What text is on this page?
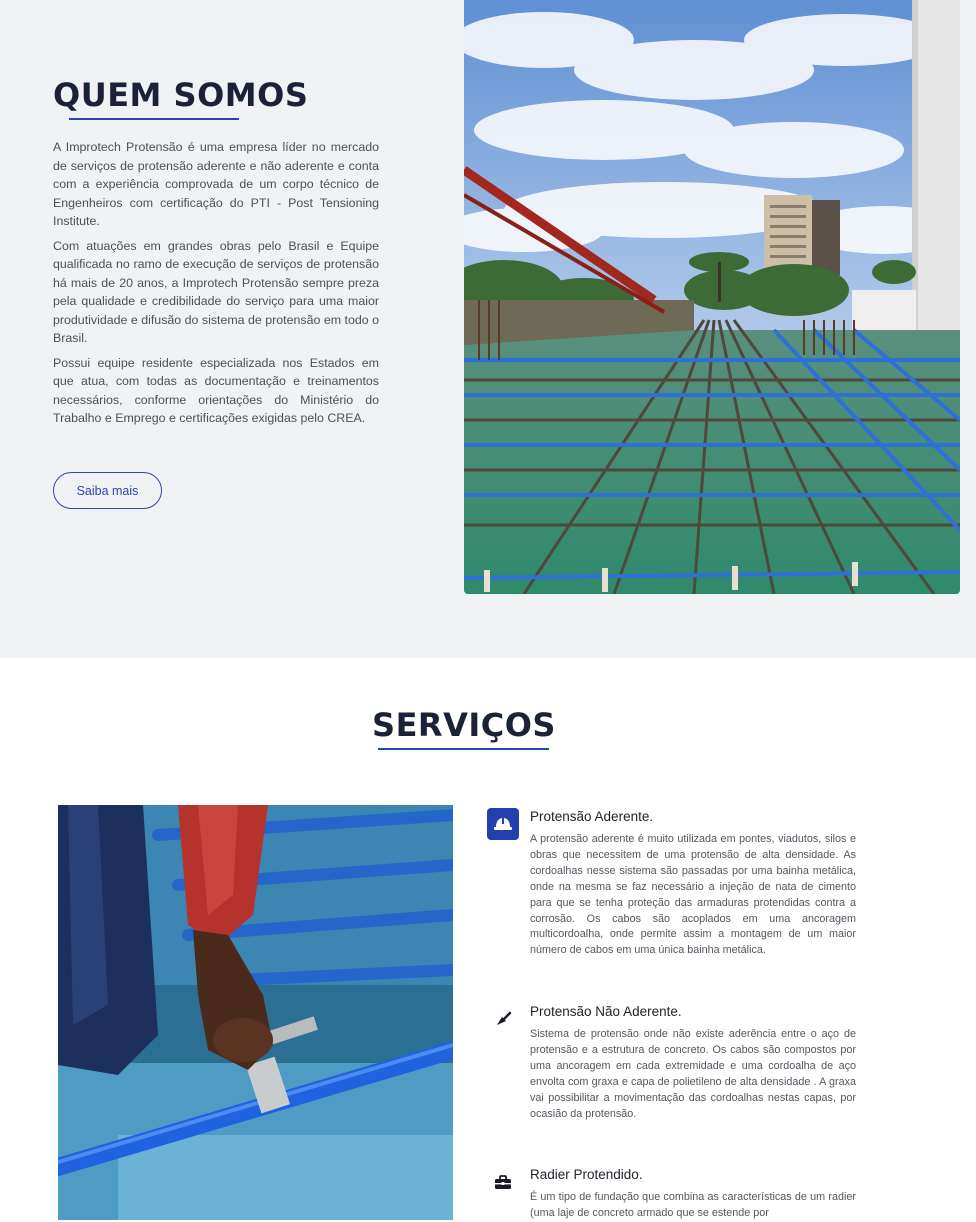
QUEM SOMOS

A Improtech Protensão é uma empresa líder no mercado de serviços de protensão aderente e não aderente e conta com a experiência comprovada de um corpo técnico de Engenheiros com certificação do PTI - Post Tensioning Institute.

Com atuações em grandes obras pelo Brasil e Equipe qualificada no ramo de execução de serviços de protensão há mais de 20 anos, a Improtech Protensão sempre preza pela qualidade e credibilidade do serviço para uma maior produtividade e difusão do sistema de protensão em todo o Brasil.

Possui equipe residente especializada nos Estados em que atua, com todas as documentação e treinamentos necessários, conforme orientações do Ministério do Trabalho e Emprego e certificações exigidas pelo CREA.

Saiba mais
SERVIÇOS
Protensão Aderente.

A protensão aderente é muito utilizada em pontes, viadutos, silos e obras que necessitem de uma protensão de alta densidade. As cordoalhas nesse sistema são passadas por uma bainha metálica, onde na mesma se faz necessário a injeção de nata de cimento para que se tenha proteção das armaduras protendidas contra a corrosão. Os cabos são acoplados em uma ancoragem multicordoalha, onde permite assim a montagem de um maior número de cabos em uma única bainha metálica.

Protensão Não Aderente.

Sistema de protensão onde não existe aderência entre o aço de protensão e a estrutura de concreto. Os cabos são compostos por uma ancoragem em cada extremidade e uma cordoalha de aço envolta com graxa e capa de polietileno de alta densidade . A graxa vai possibilitar a movimentação das cordoalhas nestas capas, por ocasião da protensão.

Radier Protendido.

É um tipo de fundação que combina as características de um radier (uma laje de concreto armado que se estende por
